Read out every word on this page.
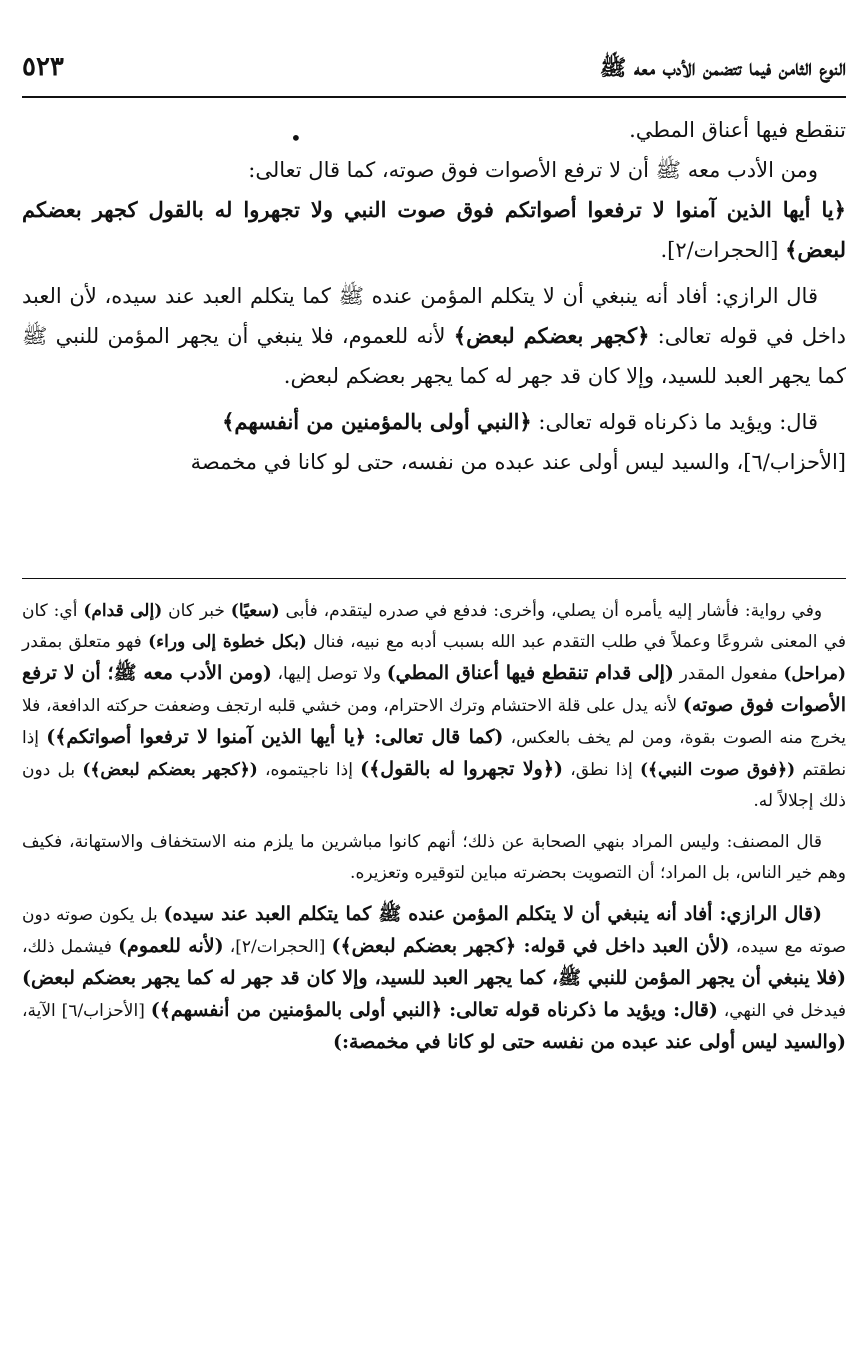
النوع الثامن فيما تتضمن الأدب معه ﷺ
٥٢٣
•	تنقطع فيها أعناق المطي.

ومن الأدب معه ﷺ أن لا ترفع الأصوات فوق صوته، كما قال تعالى:
﴿يا أيها الذين آمنوا لا ترفعوا أصواتكم فوق صوت النبي ولا تجهروا له بالقول كجهر بعضكم لبعض﴾ [الحجرات/٢].

قال الرازي: أفاد أنه ينبغي أن لا يتكلم المؤمن عنده ﷺ كما يتكلم العبد عند سيده، لأن العبد داخل في قوله تعالى: ﴿كجهر بعضكم لبعض﴾ لأنه للعموم، فلا ينبغي أن يجهر المؤمن للنبي ﷺ كما يجهر العبد للسيد، وإلا كان قد جهر له كما يجهر بعضكم لبعض.

قال: ويؤيد ما ذكرناه قوله تعالى: ﴿النبي أولى بالمؤمنين من أنفسهم﴾
[الأحزاب/٦]، والسيد ليس أولى عند عبده من نفسه، حتى لو كانا في مخمصة

وفي رواية: فأشار إليه يأمره أن يصلي، وأخرى: فدفع في صدره ليتقدم، فأبى (سعيًا) خبر كان (إلى قدام) أي: كان في المعنى شروعًا وعملاً في طلب التقدم عبد الله بسبب أدبه مع نبيه، فنال (بكل خطوة إلى وراء) فهو متعلق بمقدر (مراحل) مفعول المقدر (إلى قدام تنقطع فيها أعناق المطي) ولا توصل إليها، (ومن الأدب معه ﷺ؛ أن لا ترفع الأصوات فوق صوته) لأنه يدل على قلة الاحتشام وترك الاحترام، ومن خشي قلبه ارتجف وضعفت حركته الدافعة، فلا يخرج منه الصوت بقوة، ومن لم يخف بالعكس، (كما قال تعالى: ﴿يا أيها الذين آمنوا لا ترفعوا أصواتكم﴾) إذا نطقتم (﴿فوق صوت النبي﴾) إذا نطق، (﴿ولا تجهروا له بالقول﴾) إذا ناجيتموه، (﴿كجهر بعضكم لبعض﴾) بل دون ذلك إجلالاً له.

قال المصنف: وليس المراد بنهي الصحابة عن ذلك؛ أنهم كانوا مباشرين ما يلزم منه الاستخفاف والاستهانة، فكيف وهم خير الناس، بل المراد؛ أن التصويت بحضرته مباين لتوقيره وتعزيره.

(قال الرازي: أفاد أنه ينبغي أن لا يتكلم المؤمن عنده ﷺ كما يتكلم العبد عند سيده) بل يكون صوته دون صوته مع سيده، (لأن العبد داخل في قوله: ﴿كجهر بعضكم لبعض﴾) [الحجرات/٢]، (لأنه للعموم) فيشمل ذلك، (فلا ينبغي أن يجهر المؤمن للنبي ﷺ، كما يجهر العبد للسيد، وإلا كان قد جهر له كما يجهر بعضكم لبعض) فيدخل في النهي، (قال: ويؤيد ما ذكرناه قوله تعالى: ﴿النبي أولى بالمؤمنين من أنفسهم﴾) [الأحزاب/٦] الآية، (والسيد ليس أولى عند عبده من نفسه حتى لو كانا في مخمصة:)
